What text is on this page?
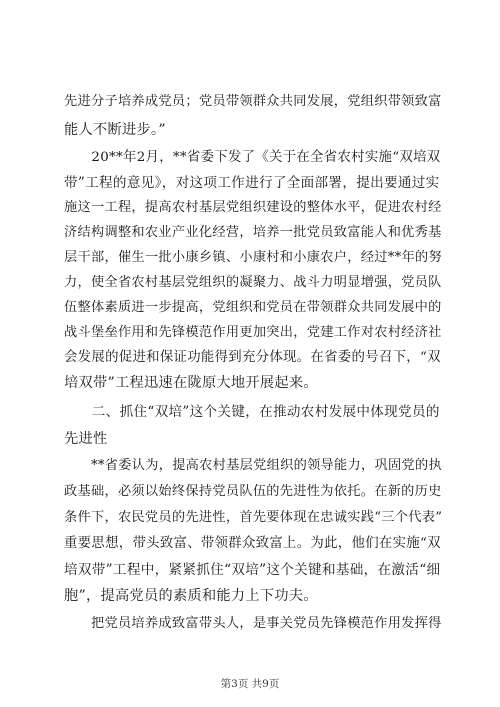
先进分子培养成党员；党员带领群众共同发展，党组织带领致富
能人不断进步。”
　　20**年2月，**省委下发了《关于在全省农村实施“双培双
带”工程的意见》，对这项工作进行了全面部署，提出要通过实
施这一工程，提高农村基层党组织建设的整体水平，促进农村经
济结构调整和农业产业化经营，培养一批党员致富能人和优秀基
层干部，催生一批小康乡镇、小康村和小康农户，经过**年的努
力，使全省农村基层党组织的凝聚力、战斗力明显增强，党员队
伍整体素质进一步提高，党组织和党员在带领群众共同发展中的
战斗堡垒作用和先锋模范作用更加突出，党建工作对农村经济社
会发展的促进和保证功能得到充分体现。在省委的号召下，“双
培双带”工程迅速在陇原大地开展起来。
　　二、抓住“双培”这个关键，在推动农村发展中体现党员的
先进性
　　**省委认为，提高农村基层党组织的领导能力，巩固党的执
政基础，必须以始终保持党员队伍的先进性为依托。在新的历史
条件下，农民党员的先进性，首先要体现在忠诚实践“三个代表”
重要思想，带头致富、带领群众致富上。为此，他们在实施“双
培双带”工程中，紧紧抓住“双培”这个关键和基础，在激活“细
胞”，提高党员的素质和能力上下功夫。
　　把党员培养成致富带头人，是事关党员先锋模范作用发挥得
第3页 共9页
